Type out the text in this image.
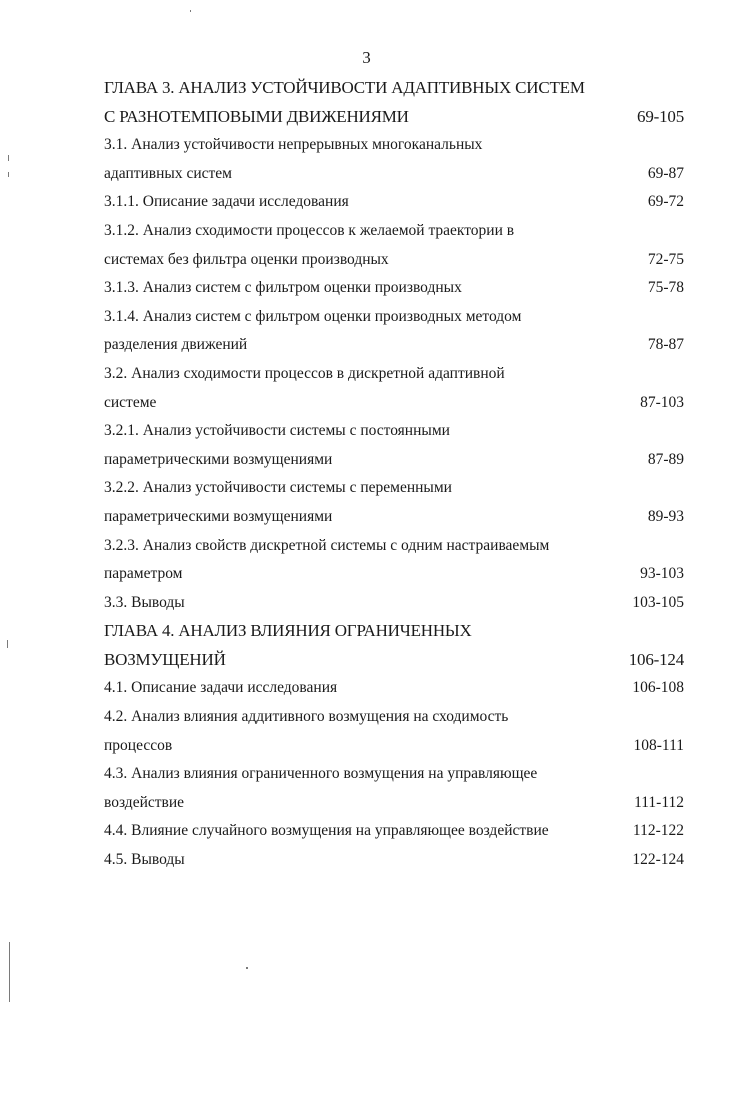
3
ГЛАВА 3. АНАЛИЗ УСТОЙЧИВОСТИ АДАПТИВНЫХ СИСТЕМ
С РАЗНОТЕМПОВЫМИ ДВИЖЕНИЯМИ	69-105
3.1. Анализ устойчивости непрерывных многоканальных
адаптивных систем	69-87
3.1.1. Описание задачи исследования	69-72
3.1.2. Анализ сходимости процессов к желаемой траектории в
системах без фильтра оценки производных	72-75
3.1.3. Анализ систем с фильтром оценки производных	75-78
3.1.4. Анализ систем с фильтром оценки производных методом
разделения движений	78-87
3.2. Анализ сходимости процессов в дискретной адаптивной
системе	87-103
3.2.1. Анализ устойчивости системы с постоянными
параметрическими возмущениями	87-89
3.2.2. Анализ устойчивости системы с переменными
параметрическими возмущениями	89-93
3.2.3. Анализ свойств дискретной системы с одним настраиваемым
параметром	93-103
3.3. Выводы	103-105
ГЛАВА 4. АНАЛИЗ ВЛИЯНИЯ ОГРАНИЧЕННЫХ
ВОЗМУЩЕНИЙ	106-124
4.1. Описание задачи исследования	106-108
4.2. Анализ влияния аддитивного возмущения на сходимость
процессов	108-111
4.3. Анализ влияния ограниченного возмущения на управляющее
воздействие	111-112
4.4. Влияние случайного возмущения на управляющее воздействие	112-122
4.5. Выводы	122-124
